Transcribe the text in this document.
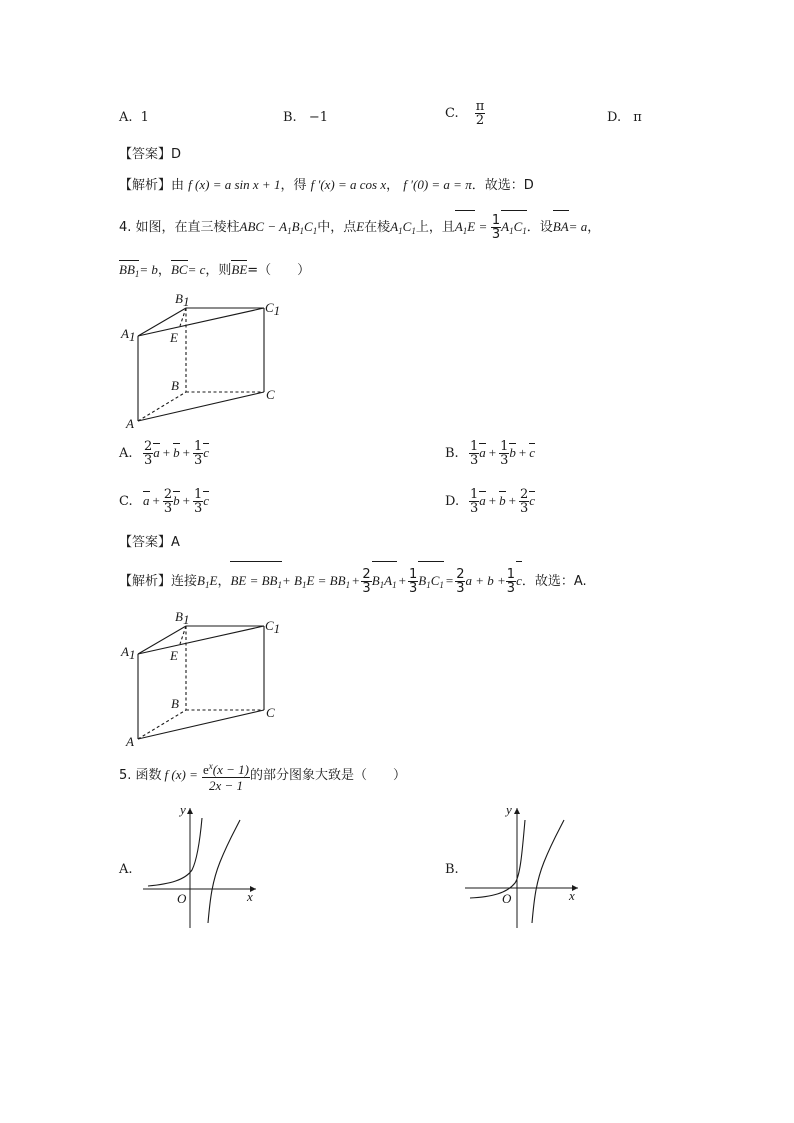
A. 1	B. −1	C. $\frac{\pi}{2}$	D. π
【答案】D
【解析】由 f (x) = a sin x + 1，得 f ′(x) = a cos x， f ′(0) = a = π．故选：D
4. 如图，在直三棱柱ABC − $A_1B_1C_1$中，点E在棱$A_1C_1$上，且$A_1E = \frac{1}{3} A_1C_1$．设BA= a，
$BB_1= b$，BC= c，则BE=（　　）
B1	C1
A1	E
B
C
A
A. $\frac{2}{3}$ $a + b + \frac{1}{3}$ c	B. $\frac{1}{3}$ $a + \frac{1}{3}$ b + c
C. $a + \frac{2}{3}$ $b + \frac{1}{3}$ c	D. $\frac{1}{3}$ $a + b + \frac{2}{3}$ c
【答案】A
【解析】连接$B_1E$，BE = $BB_1+ B_1E = BB_1 + \frac{2}{3} B_1A_1 + \frac{1}{3} B_1C_1 = \frac{2}{3}$ $a + b + \frac{1}{3}$ c．故选：A.
B1	C1
A1	E
B
C
A
5. 函数 f $(x) = \frac{e^x(x - 1)}{2x - 1}$ 的部分图象大致是（　　）
A.
y
x
O
B.
y
x
O
